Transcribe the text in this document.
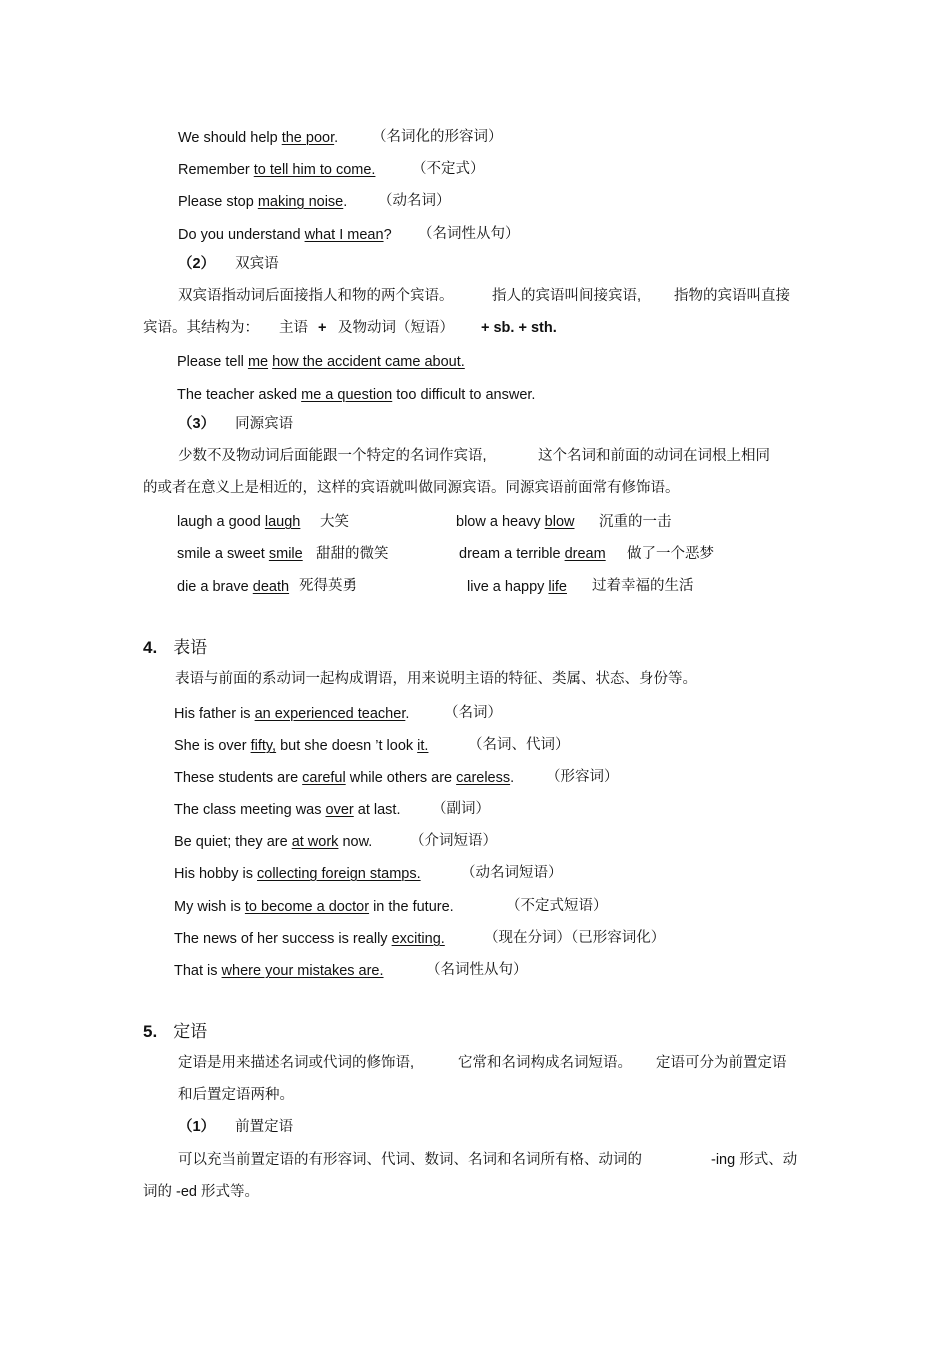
We should help the poor. （名词化的形容词）
Remember to tell him to come.	（不定式）
Please stop making noise. （动名词）
Do you understand what I mean? （名词性从句）
（2） 双宾语
双宾语指动词后面接指人和物的两个宾语。	指人的宾语叫间接宾语, 指物的宾语叫直接
宾语。其结构为： 主语 + 及物动词（短语） + sb. + sth.
Please tell me how the accident came about.
The teacher asked me a question too difficult to answer.
（3） 同源宾语
少数不及物动词后面能跟一个特定的名词作宾语,	这个名词和前面的动词在词根上相同
的或者在意义上是相近的，这样的宾语就叫做同源宾语。同源宾语前面常有修饰语。
laugh a good laugh 大笑	blow a heavy blow 沉重的一击
smile a sweet smile 甜甜的微笑	dream a terrible dream 做了一个恶梦
die a brave death 死得英勇	live a happy life 过着幸福的生活
4. 表语
表语与前面的系动词一起构成谓语，用来说明主语的特征、类属、状态、身份等。
His father is an experienced teacher. （名词）
She is over fifty, but she doesn ’t look it.	（名词、代词）
These students are careful while others are careless. （形容词）
The class meeting was over at last. （副词）
Be quiet; they are at work now.	（介词短语）
His hobby is collecting foreign stamps.	（动名词短语）
My wish is to become a doctor in the future.	（不定式短语）
The news of her success is really exciting.	（现在分词）（已形容词化）
That is where your mistakes are.	（名词性从句）
5. 定语
定语是用来描述名词或代词的修饰语,	它常和名词构成名词短语。 定语可分为前置定语
和后置定语两种。
（1） 前置定语
可以充当前置定语的有形容词、代词、数词、名词和名词所有格、动词的	-ing 形式、动
词的 -ed 形式等。
